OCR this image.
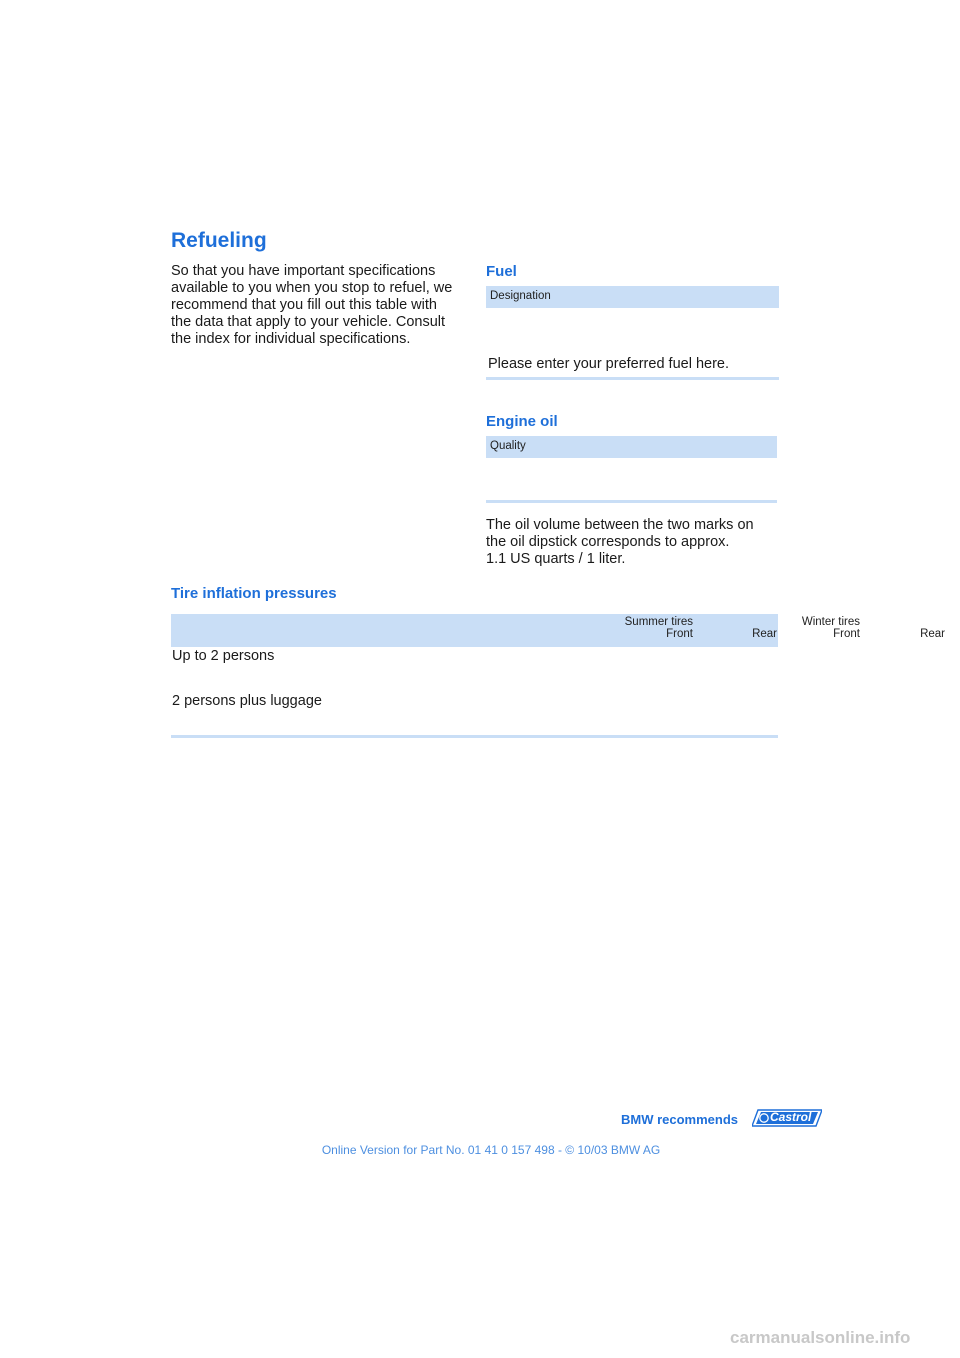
Refueling
So that you have important specifications
available to you when you stop to refuel, we
recommend that you fill out this table with
the data that apply to your vehicle. Consult
the index for individual specifications.
Fuel
Designation
Please enter your preferred fuel here.
Engine oil
Quality
The oil volume between the two marks on
the oil dipstick corresponds to approx.
1.1 US quarts / 1 liter.
Tire inflation pressures
Summer tires	Winter tires
Front	Rear	Front	Rear
Up to 2 persons
2 persons plus luggage
BMW recommends	Castrol
Online Version for Part No. 01 41 0 157 498 - © 10/03 BMW AG
carmanualsonline.info
